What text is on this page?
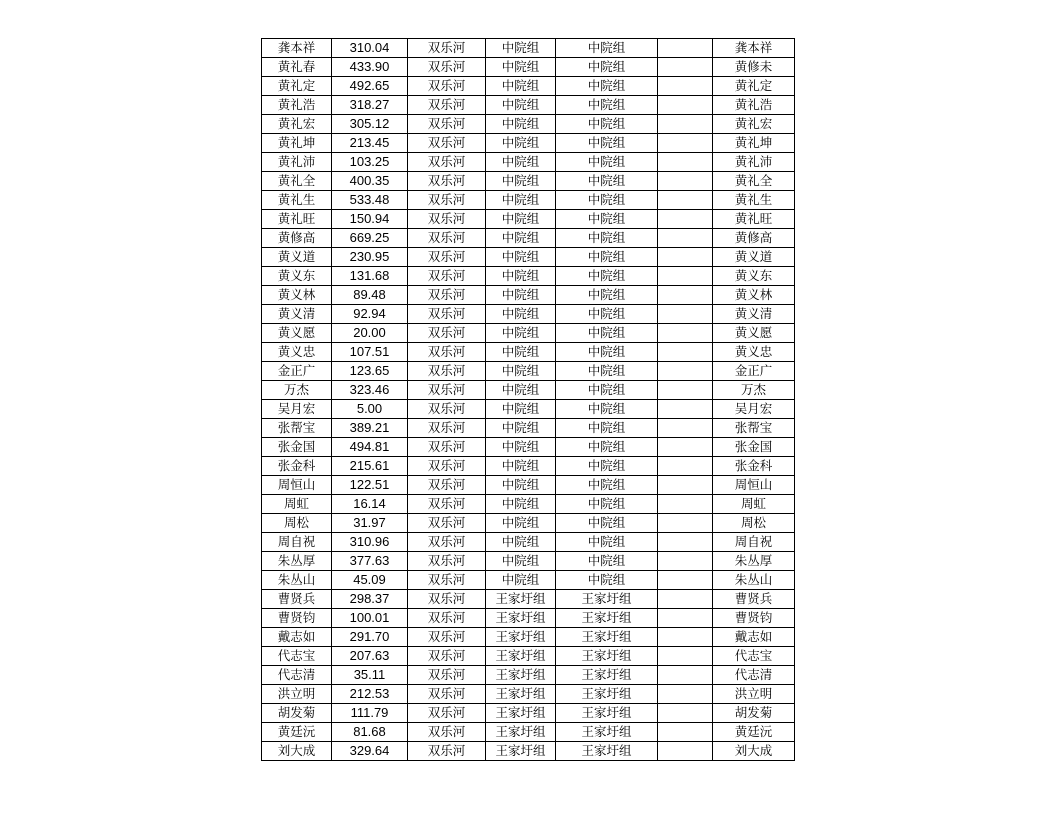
龚本祥	310.04	双乐河	中院组	中院组		龚本祥
黄礼春	433.90	双乐河	中院组	中院组		黄修未
黄礼定	492.65	双乐河	中院组	中院组		黄礼定
黄礼浩	318.27	双乐河	中院组	中院组		黄礼浩
黄礼宏	305.12	双乐河	中院组	中院组		黄礼宏
黄礼坤	213.45	双乐河	中院组	中院组		黄礼坤
黄礼沛	103.25	双乐河	中院组	中院组		黄礼沛
黄礼全	400.35	双乐河	中院组	中院组		黄礼全
黄礼生	533.48	双乐河	中院组	中院组		黄礼生
黄礼旺	150.94	双乐河	中院组	中院组		黄礼旺
黄修高	669.25	双乐河	中院组	中院组		黄修高
黄义道	230.95	双乐河	中院组	中院组		黄义道
黄义东	131.68	双乐河	中院组	中院组		黄义东
黄义林	89.48	双乐河	中院组	中院组		黄义林
黄义清	92.94	双乐河	中院组	中院组		黄义清
黄义愿	20.00	双乐河	中院组	中院组		黄义愿
黄义忠	107.51	双乐河	中院组	中院组		黄义忠
金正广	123.65	双乐河	中院组	中院组		金正广
万杰	323.46	双乐河	中院组	中院组		万杰
吴月宏	5.00	双乐河	中院组	中院组		吴月宏
张帮宝	389.21	双乐河	中院组	中院组		张帮宝
张金国	494.81	双乐河	中院组	中院组		张金国
张金科	215.61	双乐河	中院组	中院组		张金科
周恒山	122.51	双乐河	中院组	中院组		周恒山
周虹	16.14	双乐河	中院组	中院组		周虹
周松	31.97	双乐河	中院组	中院组		周松
周自祝	310.96	双乐河	中院组	中院组		周自祝
朱丛厚	377.63	双乐河	中院组	中院组		朱丛厚
朱丛山	45.09	双乐河	中院组	中院组		朱丛山
曹贤兵	298.37	双乐河	王家圩组	王家圩组		曹贤兵
曹贤钧	100.01	双乐河	王家圩组	王家圩组		曹贤钧
戴志如	291.70	双乐河	王家圩组	王家圩组		戴志如
代志宝	207.63	双乐河	王家圩组	王家圩组		代志宝
代志清	35.11	双乐河	王家圩组	王家圩组		代志清
洪立明	212.53	双乐河	王家圩组	王家圩组		洪立明
胡发菊	111.79	双乐河	王家圩组	王家圩组		胡发菊
黄廷沅	81.68	双乐河	王家圩组	王家圩组		黄廷沅
刘大成	329.64	双乐河	王家圩组	王家圩组		刘大成
